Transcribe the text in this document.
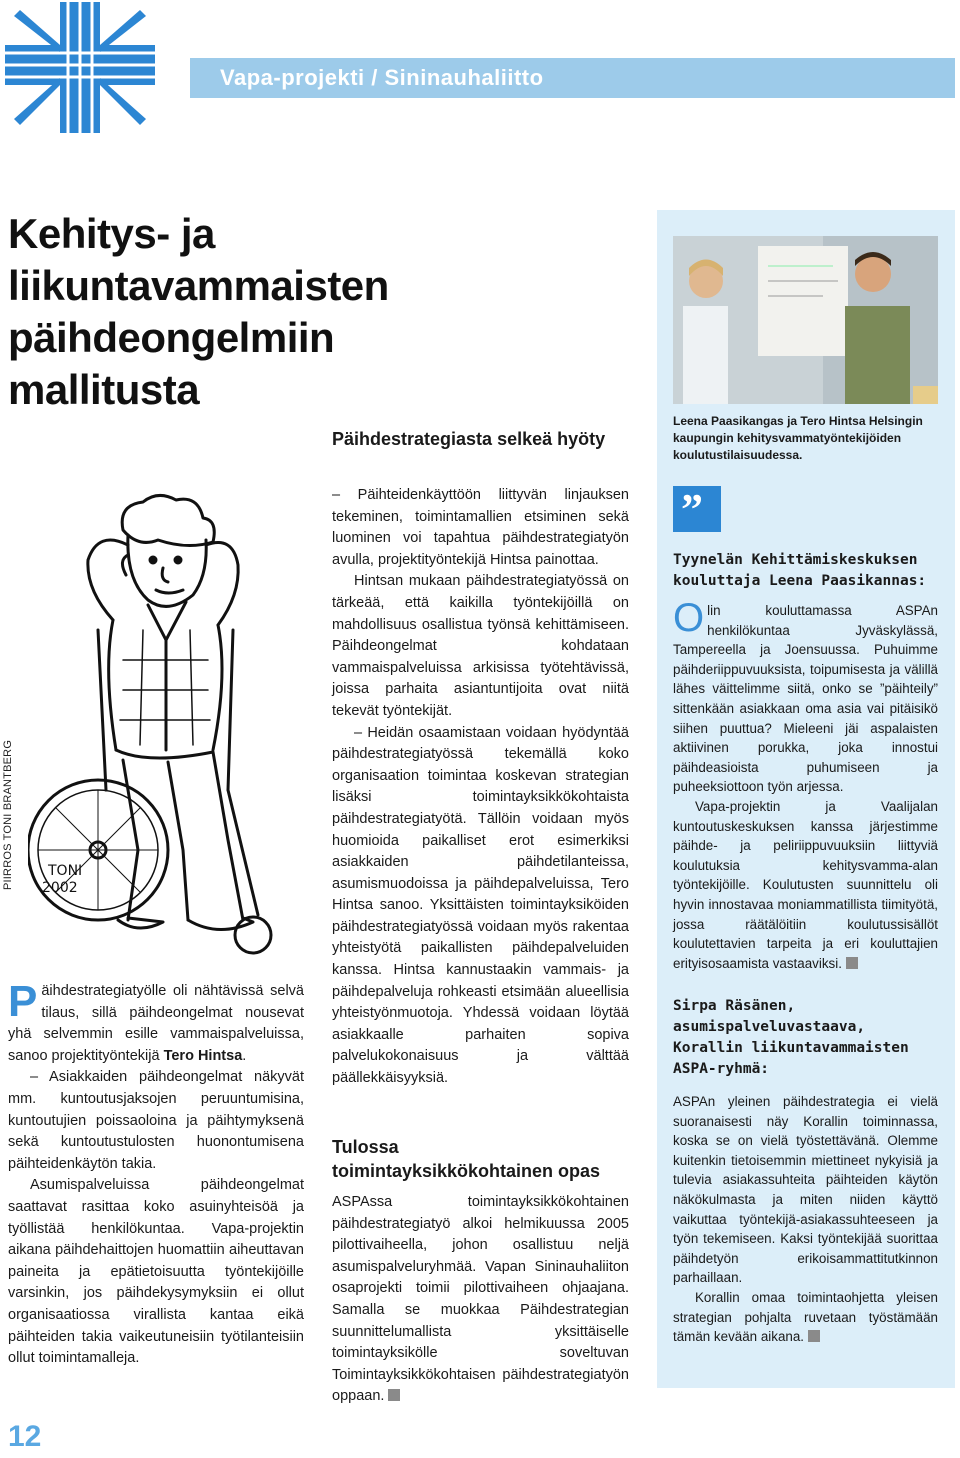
Vapa-projekti / Sininauhaliitto
Kehitys- ja liikuntavammaisten päihdeongelmiin mallitusta
PIIRROS TONI BRANTBERG TONI
2002

Päihdestrategiatyölle oli nähtävissä selvä tilaus, sillä päihdeongelmat nousevat yhä selvemmin esille vammaispalveluissa, sanoo projektityöntekijä Tero Hintsa.

– Asiakkaiden päihdeongelmat näkyvät mm. kuntoutusjaksojen peruuntumisina, kuntoutujien poissaoloina ja päihtymyksenä sekä kuntoutustulosten huonontumisena päihteidenkäytön takia.

Asumispalveluissa päihdeongelmat saattavat rasittaa koko asuinyhteisöä ja työllistää henkilökuntaa. Vapa-projektin aikana päihdehaittojen huomattiin aiheuttavan paineita ja epätietoisuutta työntekijöille varsinkin, jos päihdekysymyksiin ei ollut organisaatiossa virallista kantaa eikä päihteiden takia vaikeutuneisiin työtilanteisiin ollut toimintamalleja.

Päihdestrategiasta selkeä hyöty

– Päihteidenkäyttöön liittyvän linjauksen tekeminen, toimintamallien etsiminen sekä luominen voi tapahtua päihdestrategiatyön avulla, projektityöntekijä Hintsa painottaa.

Hintsan mukaan päihdestrategiatyössä on tärkeää, että kaikilla työntekijöillä on mahdollisuus osallistua työnsä kehittämiseen. Päihdeongelmat kohdataan vammaispalveluissa arkisissa työtehtävissä, joissa parhaita asiantuntijoita ovat niitä tekevät työntekijät.

– Heidän osaamistaan voidaan hyödyntää päihdestrategiatyössä tekemällä koko organisaation toimintaa koskevan strategian lisäksi toimintayksikkökohtaista päihdestrategiatyötä. Tällöin voidaan myös huomioida paikalliset erot esimerkiksi asiakkaiden päihdetilanteissa, asumismuodoissa ja päihdepalveluissa, Tero Hintsa sanoo. Yksittäisten toimintayksiköiden päihdestrategiatyössä voidaan myös rakentaa yhteistyötä paikallisten päihdepalveluiden kanssa. Hintsa kannustaakin vammais- ja päihdepalveluja rohkeasti etsimään alueellisia yhteistyönmuotoja. Yhdessä voidaan löytää asiakkaalle parhaiten sopiva palvelukokonaisuus ja välttää päällekkäisyyksiä.

Tulossa toimintayksikkökohtainen opas

ASPAssa toimintayksikkökohtainen päihdestrategiatyö alkoi helmikuussa 2005 pilottivaiheella, johon osallistuu neljä asumispalveluryhmää. Vapan Sininauhaliiton osaprojekti toimii pilottivaiheen ohjaajana. Samalla se muokkaa Päihdestrategian suunnittelumallista yksittäiselle toimintayksikölle soveltuvan Toimintayksikkökohtaisen päihdestrategiatyön oppaan.

Leena Paasikangas ja Tero Hintsa Helsingin kaupungin kehitysvammatyöntekijöiden koulutustilaisuudessa.
”
Tyynelän Kehittämiskeskuksen kouluttaja Leena Paasikannas:

Olin kouluttamassa ASPAn henkilökuntaa Jyväskylässä, Tampereella ja Joensuussa. Puhuimme päihderiippuvuuksista, toipumisesta ja välillä lähes väittelimme siitä, onko se ”päihteily” sittenkään asiakkaan oma asia vai pitäisikö siihen puuttua? Mieleeni jäi aspalaisten aktiivinen porukka, joka innostui päihdeasioista puhumiseen ja puheeksiottoon työn arjessa.

Vapa-projektin ja Vaalijalan kuntoutuskeskuksen kanssa järjestimme päihde- ja peliriippuvuuksiin liittyviä koulutuksia kehitysvamma-alan työntekijöille. Koulutusten suunnittelu oli hyvin innostavaa moniammatillista tiimityötä, jossa räätälöitiin koulutussisällöt koulutettavien tarpeita ja eri kouluttajien erityisosaamista vastaaviksi.

Sirpa Räsänen, asumispalveluvastaava, Korallin liikuntavammaisten ASPA-ryhmä:

ASPAn yleinen päihdestrategia ei vielä suoranaisesti näy Korallin toiminnassa, koska se on vielä työstettävänä. Olemme kuitenkin tietoisemmin miettineet nykyisiä ja tulevia asiakassuhteita päihteiden käytön näkökulmasta ja miten niiden käyttö vaikuttaa työntekijä-asiakassuhteeseen ja työn tekemiseen. Kaksi työntekijää suorittaa päihdetyön erikoisammattitutkinnon parhaillaan.

Korallin omaa toimintaohjetta yleisen strategian pohjalta ruvetaan työstämään tämän kevään aikana.

12
